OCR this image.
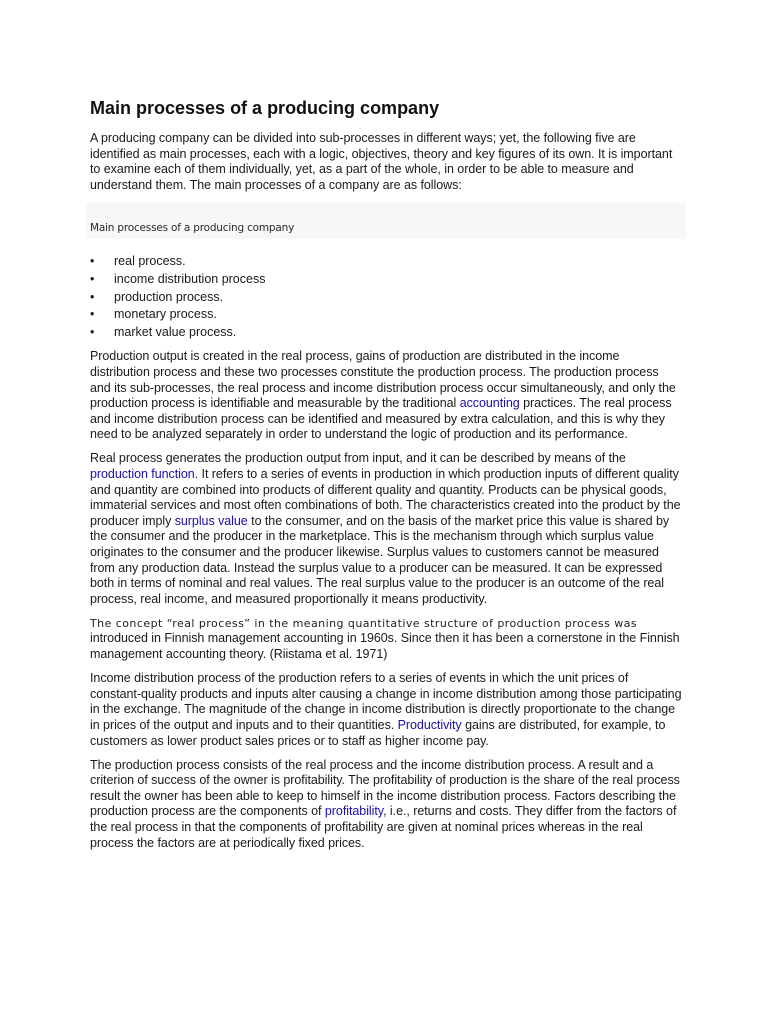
Main processes of a producing company

A producing company can be divided into sub-processes in different ways; yet, the following five are identified as main processes, each with a logic, objectives, theory and key figures of its own. It is important to examine each of them individually, yet, as a part of the whole, in order to be able to measure and understand them. The main processes of a company are as follows:

Main processes of a producing company
• real process.
• income distribution process
• production process.
• monetary process.
• market value process.

Production output is created in the real process, gains of production are distributed in the income distribution process and these two processes constitute the production process. The production process and its sub-processes, the real process and income distribution process occur simultaneously, and only the production process is identifiable and measurable by the traditional accounting practices. The real process and income distribution process can be identified and measured by extra calculation, and this is why they need to be analyzed separately in order to understand the logic of production and its performance.

Real process generates the production output from input, and it can be described by means of the production function. It refers to a series of events in production in which production inputs of different quality and quantity are combined into products of different quality and quantity. Products can be physical goods, immaterial services and most often combinations of both. The characteristics created into the product by the producer imply surplus value to the consumer, and on the basis of the market price this value is shared by the consumer and the producer in the marketplace. This is the mechanism through which surplus value originates to the consumer and the producer likewise. Surplus values to customers cannot be measured from any production data. Instead the surplus value to a producer can be measured. It can be expressed both in terms of nominal and real values. The real surplus value to the producer is an outcome of the real process, real income, and measured proportionally it means productivity.

The concept “real process” in the meaning quantitative structure of production process was introduced in Finnish management accounting in 1960s. Since then it has been a cornerstone in the Finnish management accounting theory. (Riistama et al. 1971)

Income distribution process of the production refers to a series of events in which the unit prices of constant-quality products and inputs alter causing a change in income distribution among those participating in the exchange. The magnitude of the change in income distribution is directly proportionate to the change in prices of the output and inputs and to their quantities. Productivity gains are distributed, for example, to customers as lower product sales prices or to staff as higher income pay.

The production process consists of the real process and the income distribution process. A result and a criterion of success of the owner is profitability. The profitability of production is the share of the real process result the owner has been able to keep to himself in the income distribution process. Factors describing the production process are the components of profitability, i.e., returns and costs. They differ from the factors of the real process in that the components of profitability are given at nominal prices whereas in the real process the factors are at periodically fixed prices.
